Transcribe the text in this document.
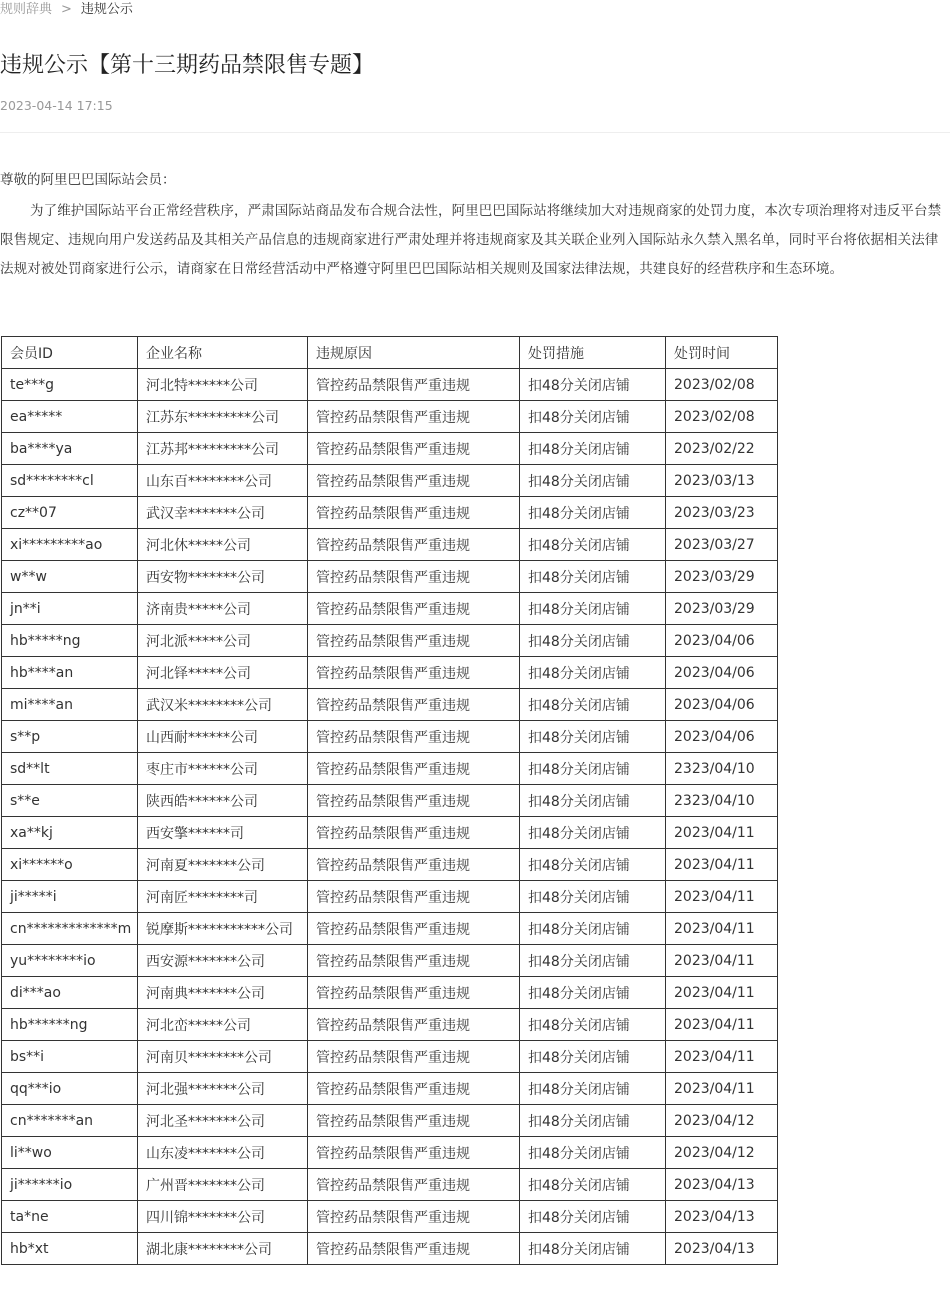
规则辞典 > 违规公示
违规公示【第十三期药品禁限售专题】
2023-04-14 17:15
尊敬的阿里巴巴国际站会员：

为了维护国际站平台正常经营秩序，严肃国际站商品发布合规合法性，阿里巴巴国际站将继续加大对违规商家的处罚力度，本次专项治理将对违反平台禁限售规定、违规向用户发送药品及其相关产品信息的违规商家进行严肃处理并将违规商家及其关联企业列入国际站永久禁入黑名单，同时平台将依据相关法律法规对被处罚商家进行公示，请商家在日常经营活动中严格遵守阿里巴巴国际站相关规则及国家法律法规，共建良好的经营秩序和生态环境。

会员ID	企业名称	违规原因	处罚措施	处罚时间
te***g	河北特******公司	管控药品禁限售严重违规	扣48分关闭店铺	2023/02/08
ea*****	江苏东*********公司	管控药品禁限售严重违规	扣48分关闭店铺	2023/02/08
ba****ya	江苏邦*********公司	管控药品禁限售严重违规	扣48分关闭店铺	2023/02/22
sd********cl	山东百********公司	管控药品禁限售严重违规	扣48分关闭店铺	2023/03/13
cz**07	武汉幸*******公司	管控药品禁限售严重违规	扣48分关闭店铺	2023/03/23
xi*********ao	河北休*****公司	管控药品禁限售严重违规	扣48分关闭店铺	2023/03/27
w**w	西安物*******公司	管控药品禁限售严重违规	扣48分关闭店铺	2023/03/29
jn**i	济南贵*****公司	管控药品禁限售严重违规	扣48分关闭店铺	2023/03/29
hb*****ng	河北派*****公司	管控药品禁限售严重违规	扣48分关闭店铺	2023/04/06
hb****an	河北铎*****公司	管控药品禁限售严重违规	扣48分关闭店铺	2023/04/06
mi****an	武汉米********公司	管控药品禁限售严重违规	扣48分关闭店铺	2023/04/06
s**p	山西耐******公司	管控药品禁限售严重违规	扣48分关闭店铺	2023/04/06
sd**lt	枣庄市******公司	管控药品禁限售严重违规	扣48分关闭店铺	2323/04/10
s**e	陕西皓******公司	管控药品禁限售严重违规	扣48分关闭店铺	2323/04/10
xa**kj	西安擎******司	管控药品禁限售严重违规	扣48分关闭店铺	2023/04/11
xi******o	河南夏*******公司	管控药品禁限售严重违规	扣48分关闭店铺	2023/04/11
ji*****i	河南匠********司	管控药品禁限售严重违规	扣48分关闭店铺	2023/04/11
cn*************m	锐摩斯***********公司	管控药品禁限售严重违规	扣48分关闭店铺	2023/04/11
yu********io	西安源*******公司	管控药品禁限售严重违规	扣48分关闭店铺	2023/04/11
di***ao	河南典*******公司	管控药品禁限售严重违规	扣48分关闭店铺	2023/04/11
hb******ng	河北峦*****公司	管控药品禁限售严重违规	扣48分关闭店铺	2023/04/11
bs**i	河南贝********公司	管控药品禁限售严重违规	扣48分关闭店铺	2023/04/11
qq***io	河北强*******公司	管控药品禁限售严重违规	扣48分关闭店铺	2023/04/11
cn*******an	河北圣*******公司	管控药品禁限售严重违规	扣48分关闭店铺	2023/04/12
li**wo	山东凌*******公司	管控药品禁限售严重违规	扣48分关闭店铺	2023/04/12
ji******io	广州晋*******公司	管控药品禁限售严重违规	扣48分关闭店铺	2023/04/13
ta*ne	四川锦*******公司	管控药品禁限售严重违规	扣48分关闭店铺	2023/04/13
hb*xt	湖北康********公司	管控药品禁限售严重违规	扣48分关闭店铺	2023/04/13
